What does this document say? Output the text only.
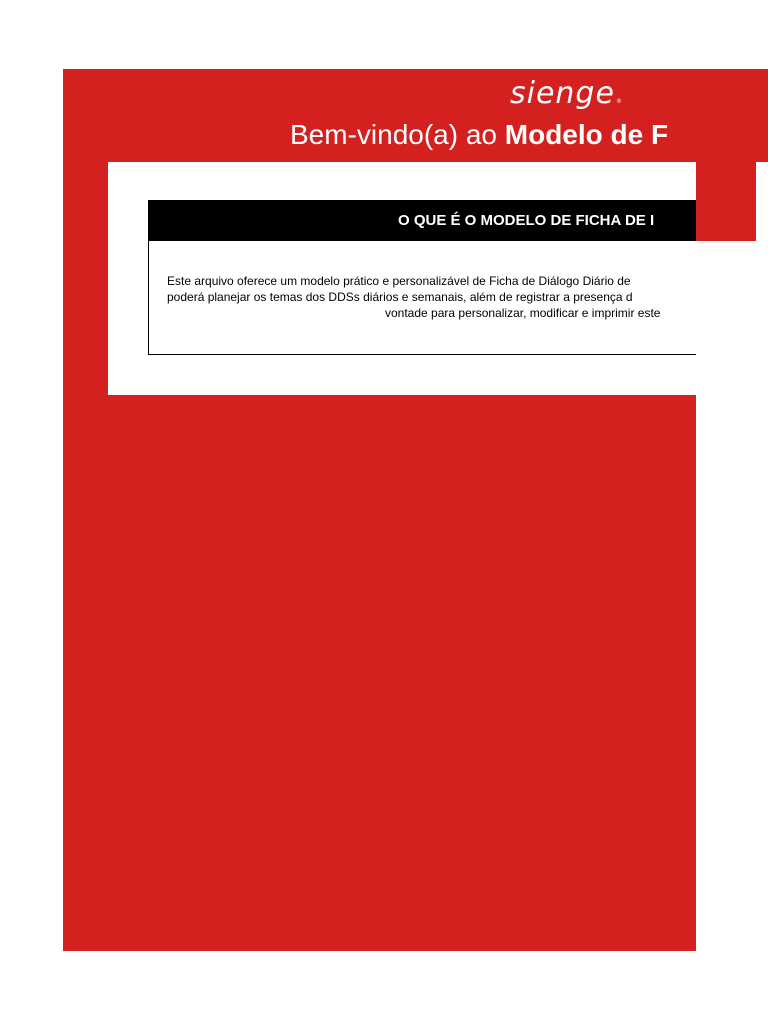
sienge®
Bem-vindo(a) ao Modelo de F
O QUE É O MODELO DE FICHA DE I
Este arquivo oferece um modelo prático e personalizável de Ficha de Diálogo Diário de
poderá planejar os temas dos DDSs diários e semanais, além de registrar a presença d
vontade para personalizar, modificar e imprimir este
